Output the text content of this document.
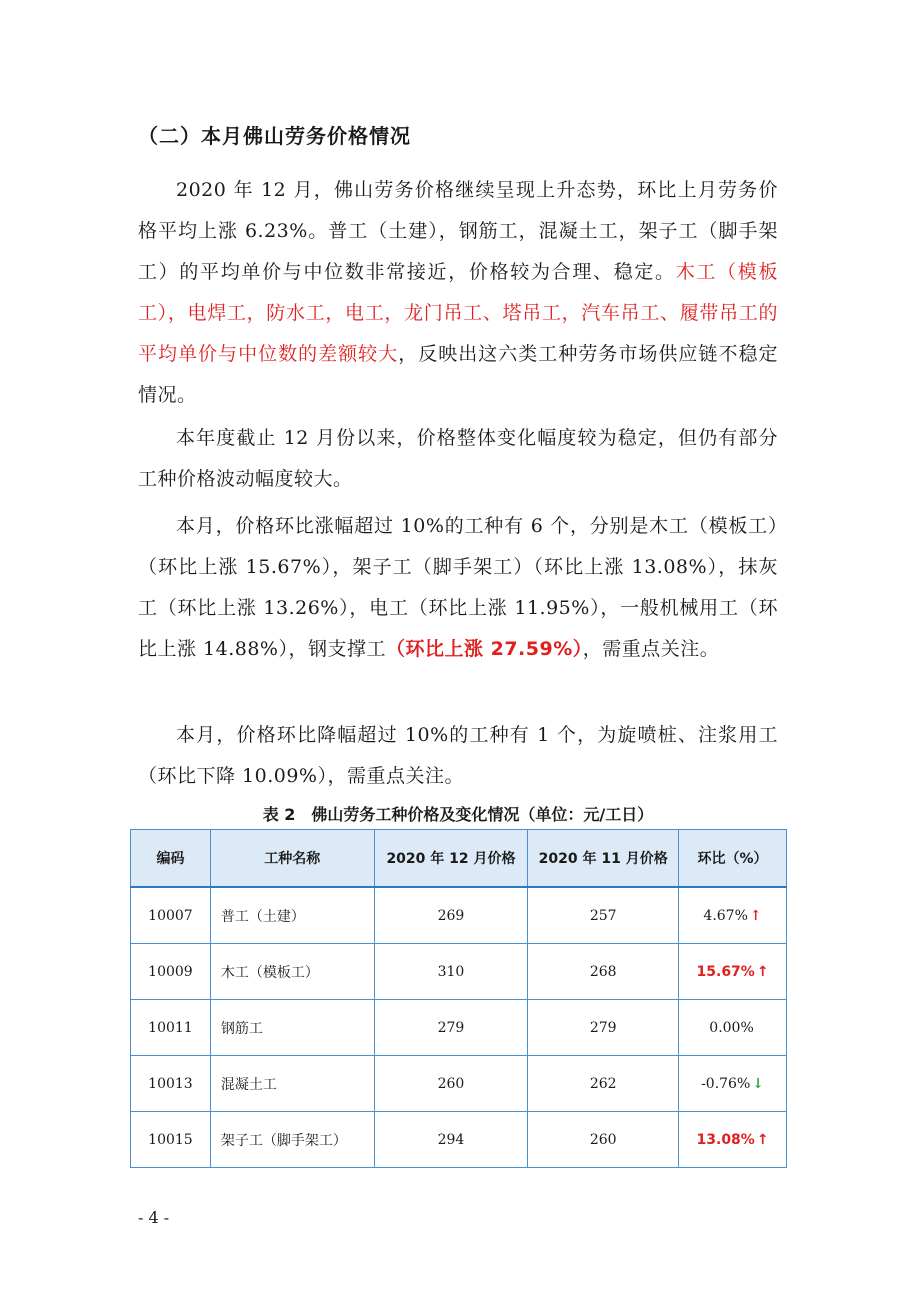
（二）本月佛山劳务价格情况

2020 年 12 月，佛山劳务价格继续呈现上升态势，环比上月劳务价格平均上涨 6.23%。普工（土建），钢筋工，混凝土工，架子工（脚手架工）的平均单价与中位数非常接近，价格较为合理、稳定。木工（模板工），电焊工，防水工，电工，龙门吊工、塔吊工，汽车吊工、履带吊工的平均单价与中位数的差额较大，反映出这六类工种劳务市场供应链不稳定情况。

本年度截止 12 月份以来，价格整体变化幅度较为稳定，但仍有部分工种价格波动幅度较大。

本月，价格环比涨幅超过 10%的工种有 6 个，分别是木工（模板工）（环比上涨 15.67%），架子工（脚手架工）（环比上涨 13.08%），抹灰工（环比上涨 13.26%），电工（环比上涨 11.95%），一般机械用工（环比上涨 14.88%），钢支撑工（环比上涨 27.59%），需重点关注。

本月，价格环比降幅超过 10%的工种有 1 个，为旋喷桩、注浆用工（环比下降 10.09%），需重点关注。

表 2　佛山劳务工种价格及变化情况（单位：元/工日）
编码	工种名称	2020 年 12 月价格	2020 年 11 月价格	环比（%）
10007	普工（土建）	269	257	4.67% ↑
10009	木工（模板工）	310	268	15.67% ↑
10011	钢筋工	279	279	0.00%
10013	混凝土工	260	262	-0.76% ↓
10015	架子工（脚手架工）	294	260	13.08% ↑
- 4 -
